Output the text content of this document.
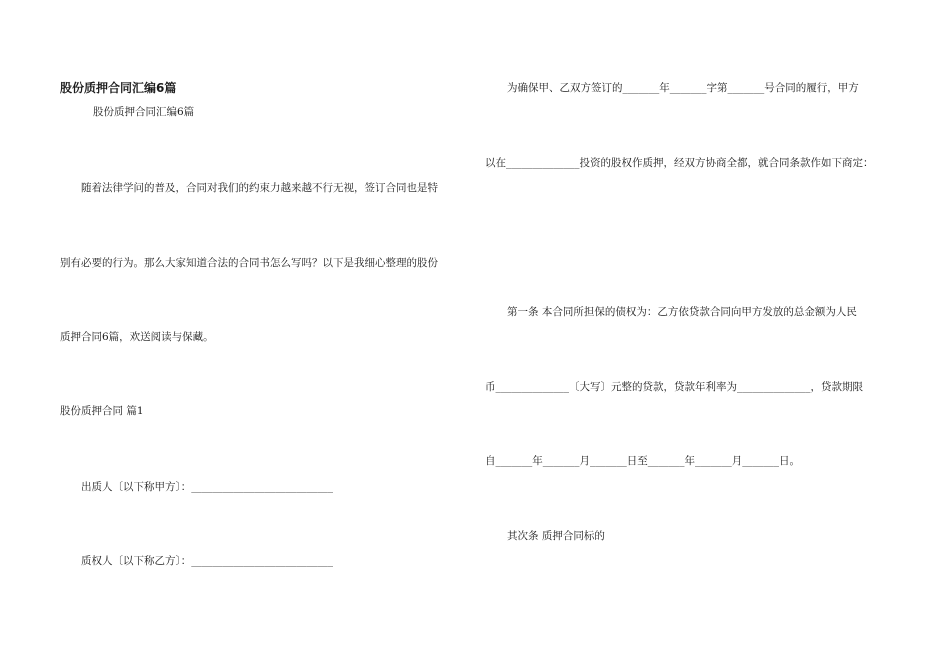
股份质押合同汇编6篇
股份质押合同汇编6篇
随着法律学问的普及，合同对我们的约束力越来越不行无视，签订合同也是特
别有必要的行为。那么大家知道合法的合同书怎么写吗？以下是我细心整理的股份
质押合同6篇，欢送阅读与保藏。
股份质押合同 篇1
出质人〔以下称甲方〕：___________________________
质权人〔以下称乙方〕：___________________________
为确保甲、乙双方签订的_______年_______字第_______号合同的履行，甲方
以在______________投资的股权作质押，经双方协商全都，就合同条款作如下商定：
第一条 本合同所担保的债权为：乙方依贷款合同向甲方发放的总金额为人民
币______________〔大写〕元整的贷款，贷款年利率为______________，贷款期限
自_______年_______月_______日至_______年_______月_______日。
其次条 质押合同标的
